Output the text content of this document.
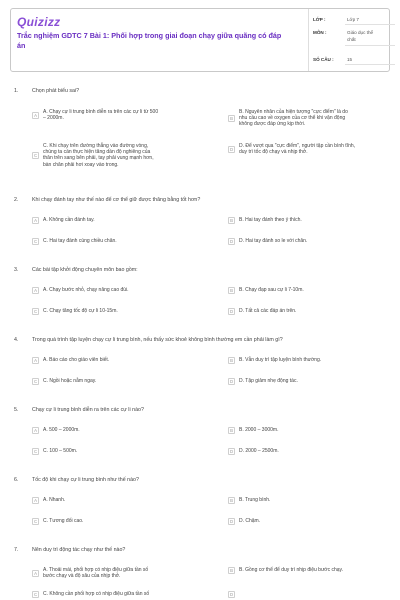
Quizizz
Trắc nghiệm GDTC 7 Bài 1: Phối hợp trong giai đoạn chạy giữa quãng có đáp
án
LỚP :	Lớp 7
MÔN :	Giáo dục thể
chất
SỐ CÂU :	15
1.	Chọn phát biểu sai?
A
A. Chạy cự li trung bình diễn ra trên các cự li từ 500
– 2000m.	B
B. Nguyên nhân của hiện tượng "cực điểm" là do
nhu cầu cao về oxygen của cơ thể khi vận động
không được đáp ứng kịp thời.
C
C. Khi chạy trên đường thẳng vào đường vòng,
chúng ta cần thực hiện tăng dần độ nghiêng của
thân trên sang bên phải, tay phải vung mạnh hơn,
bàn chân phải hơi xoay vào trong.
D
D. Để vượt qua "cực điểm", người tập cần bình tĩnh,
duy trì tốc độ chạy và nhịp thở.
2.	Khi chạy đánh tay như thế nào để cơ thể giữ được thăng bằng tốt hơn?
A	A. Không cần đánh tay.	B	B. Hai tay đánh theo ý thích.
C	C. Hai tay đánh cùng chiều chân.	D	D. Hai tay đánh so le với chân.
3.	Các bài tập khởi động chuyên môn bao gồm:
A	A. Chạy bước nhỏ, chạy nâng cao đùi.	B	B. Chạy đạp sau cự li 7-10m.
C	C. Chạy tăng tốc độ cự li 10-15m.	D	D. Tất cả các đáp án trên.
4.	Trong quá trình tập luyện chạy cự li trung bình, nếu thấy sức khoẻ không bình thường em cần phải làm gì?
A	A. Báo cáo cho giáo viên biết.	B	B. Vẫn duy trì tập luyện bình thường.
C	C. Ngồi hoặc nằm ngay.	D	D. Tập giảm nhẹ động tác.
5.	Chạy cự li trung bình diễn ra trên các cự li nào?
A	A. 500 – 2000m.	B	B. 2000 – 3000m.
C	C. 100 – 500m.	D	D. 2000 – 2500m.
6.	Tốc độ khi chạy cự li trung bình như thế nào?
A	A. Nhanh.	B	B. Trung bình.
C	C. Tương đối cao.	D	D. Chậm.
7.	Nên duy trì động tác chạy như thế nào?
A
A. Thoải mái, phối hợp có nhịp điệu giữa tần số
bước chạy và độ sâu của nhịp thở.
B	B. Gồng cơ thể để duy trì nhịp điệu bước chạy.
C	C. Không cần phối hợp có nhịp điệu giữa tần số	D
